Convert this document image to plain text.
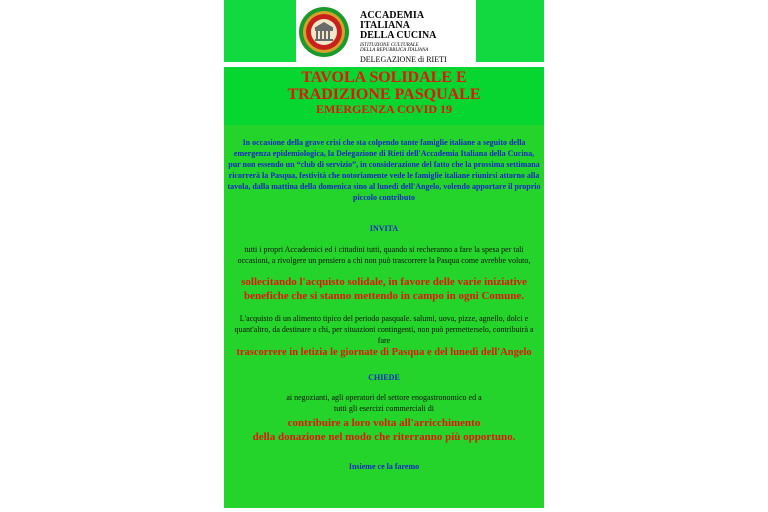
ACCADEMIA ITALIANA
DELLA CUCINA
ISTITUZIONE CULTURALE
DELLA REPUBBLICA ITALIANA
DELEGAZIONE di RIETI
TAVOLA SOLIDALE E
TRADIZIONE PASQUALE
EMERGENZA COVID 19
In occasione della grave crisi che sta colpendo tante famiglie italiane a seguito della emergenza epidemiologica, la Delegazione di Rieti dell'Accademia Italiana della Cucina, pur non essendo un “club di servizio”, in considerazione del fatto che la prossima settimana ricorrerà la Pasqua, festività che notoriamente vede le famiglie italiane riunirsi attorno alla tavola, dalla mattina della domenica sino al lunedì dell'Angelo, volendo apportare il proprio piccolo contributo
INVITA
tutti i propri Accademici ed i cittadini tutti, quando si recheranno a fare la spesa per tali occasioni, a rivolgere un pensiero a chi non può trascorrere la Pasqua come avrebbe voluto,
sollecitando l'acquisto solidale, in favore delle varie iniziative benefiche che si stanno mettendo in campo in ogni Comune.
L'acquisto di un alimento tipico del periodo pasquale. salumi, uova, pizze, agnello, dolci e quant'altro, da destinare a chi, per situazioni contingenti, non può permetterselo, contribuirà a fare
trascorrere in letizia le giornate di Pasqua e del lunedì dell'Angelo
CHIEDE
ai negozianti, agli operatori del settore enogastronomico ed a tutti gli esercizi commerciali di
contribuire a loro volta all'arricchimento
della donazione nel modo che riterranno più opportuno.
Insieme ce la faremo
